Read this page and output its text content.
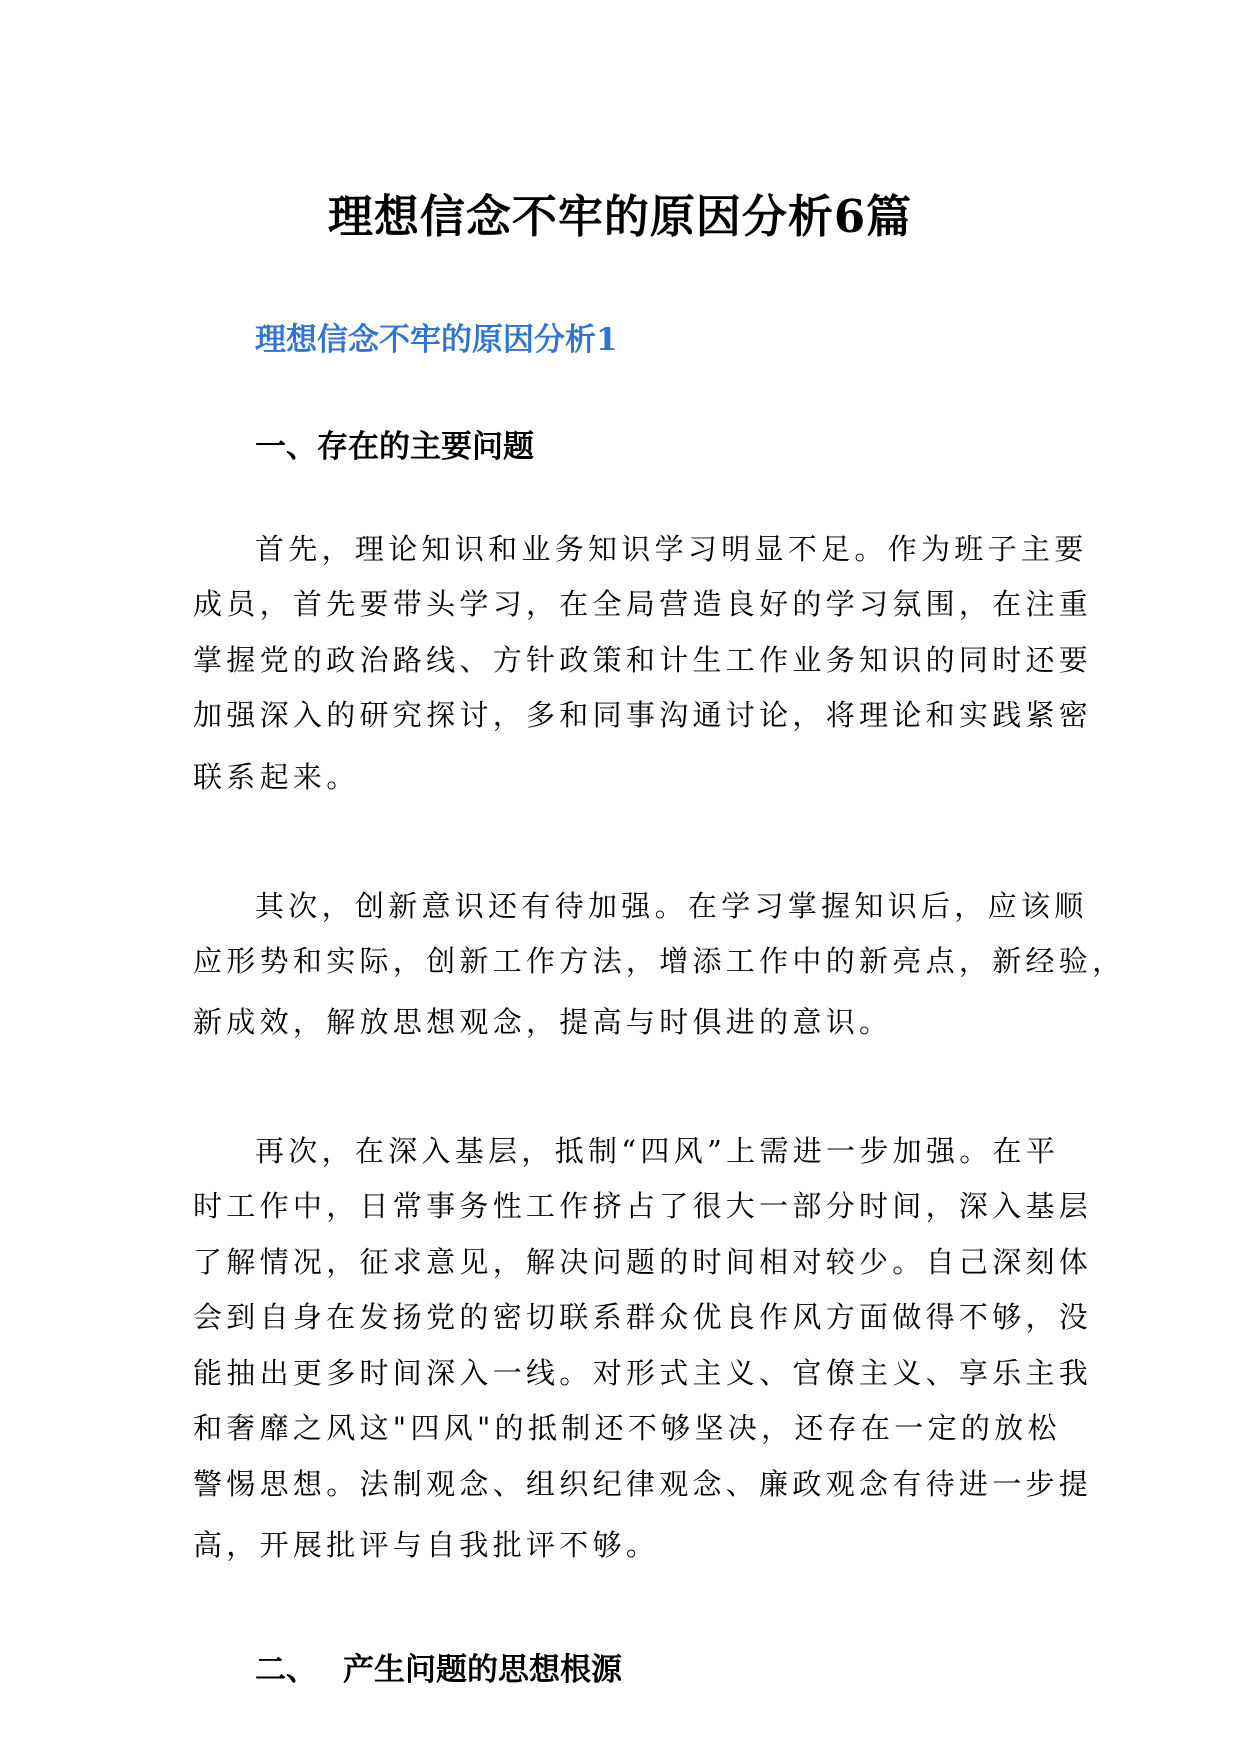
理想信念不牢的原因分析6篇
理想信念不牢的原因分析1
一、存在的主要问题
首先，理论知识和业务知识学习明显不足。作为班子主要
成员，首先要带头学习，在全局营造良好的学习氛围，在注重
掌握党的政治路线、方针政策和计生工作业务知识的同时还要
加强深入的研究探讨，多和同事沟通讨论，将理论和实践紧密
联系起来。
其次，创新意识还有待加强。在学习掌握知识后，应该顺
应形势和实际，创新工作方法，增添工作中的新亮点，新经验，
新成效，解放思想观念，提高与时俱进的意识。
再次，在深入基层，抵制“四风”上需进一步加强。在平
时工作中，日常事务性工作挤占了很大一部分时间，深入基层
了解情况，征求意见，解决问题的时间相对较少。自己深刻体
会到自身在发扬党的密切联系群众优良作风方面做得不够，没
能抽出更多时间深入一线。对形式主义、官僚主义、享乐主我
和奢靡之风这"四风"的抵制还不够坚决，还存在一定的放松
警惕思想。法制观念、组织纪律观念、廉政观念有待进一步提
高，开展批评与自我批评不够。
二、 产生问题的思想根源
